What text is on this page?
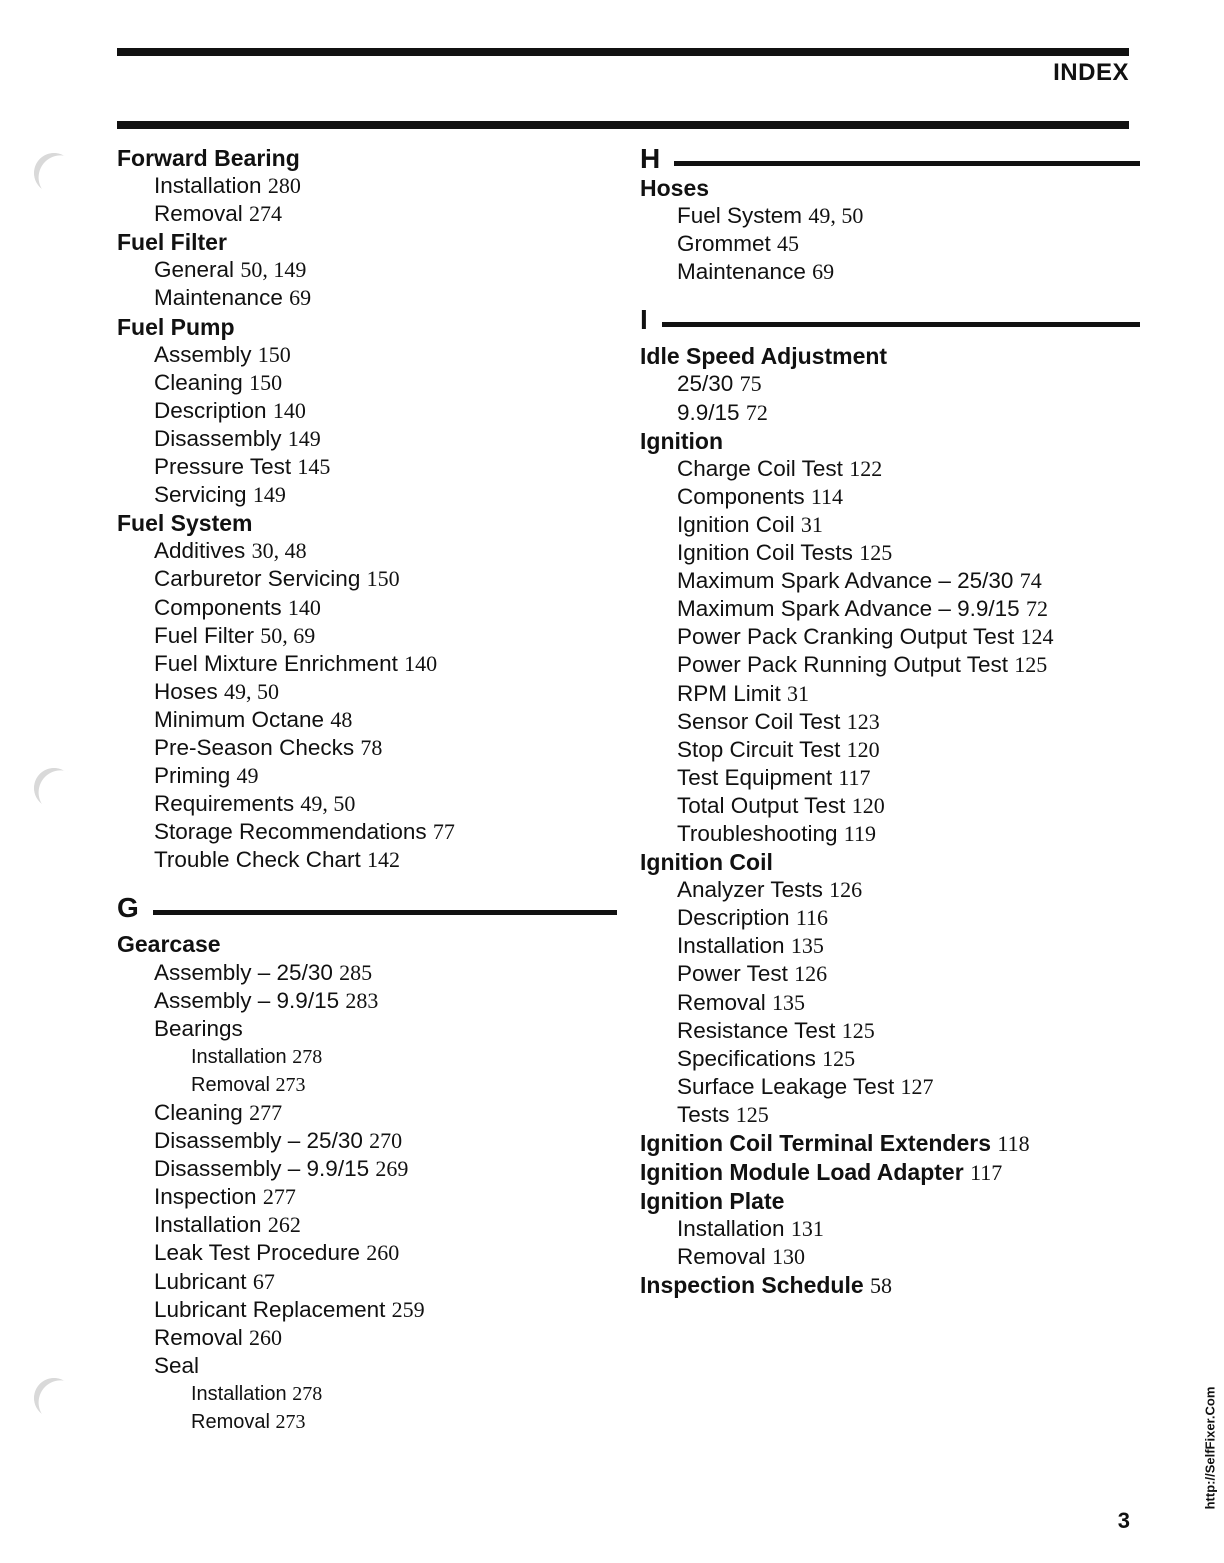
INDEX
Forward Bearing
Installation 280
Removal 274
Fuel Filter
General 50, 149
Maintenance 69
Fuel Pump
Assembly 150
Cleaning 150
Description 140
Disassembly 149
Pressure Test 145
Servicing 149
Fuel System
Additives 30, 48
Carburetor Servicing 150
Components 140
Fuel Filter 50, 69
Fuel Mixture Enrichment 140
Hoses 49, 50
Minimum Octane 48
Pre-Season Checks 78
Priming 49
Requirements 49, 50
Storage Recommendations 77
Trouble Check Chart 142
G
Gearcase
Assembly – 25/30 285
Assembly – 9.9/15 283
Bearings
Installation 278
Removal 273
Cleaning 277
Disassembly – 25/30 270
Disassembly – 9.9/15 269
Inspection 277
Installation 262
Leak Test Procedure 260
Lubricant 67
Lubricant Replacement 259
Removal 260
Seal
Installation 278
Removal 273
H
Hoses
Fuel System 49, 50
Grommet 45
Maintenance 69
I
Idle Speed Adjustment
25/30 75
9.9/15 72
Ignition
Charge Coil Test 122
Components 114
Ignition Coil 31
Ignition Coil Tests 125
Maximum Spark Advance – 25/30 74
Maximum Spark Advance – 9.9/15 72
Power Pack Cranking Output Test 124
Power Pack Running Output Test 125
RPM Limit 31
Sensor Coil Test 123
Stop Circuit Test 120
Test Equipment 117
Total Output Test 120
Troubleshooting 119
Ignition Coil
Analyzer Tests 126
Description 116
Installation 135
Power Test 126
Removal 135
Resistance Test 125
Specifications 125
Surface Leakage Test 127
Tests 125
Ignition Coil Terminal Extenders 118
Ignition Module Load Adapter 117
Ignition Plate
Installation 131
Removal 130
Inspection Schedule 58
3
http://SelfFixer.Com
